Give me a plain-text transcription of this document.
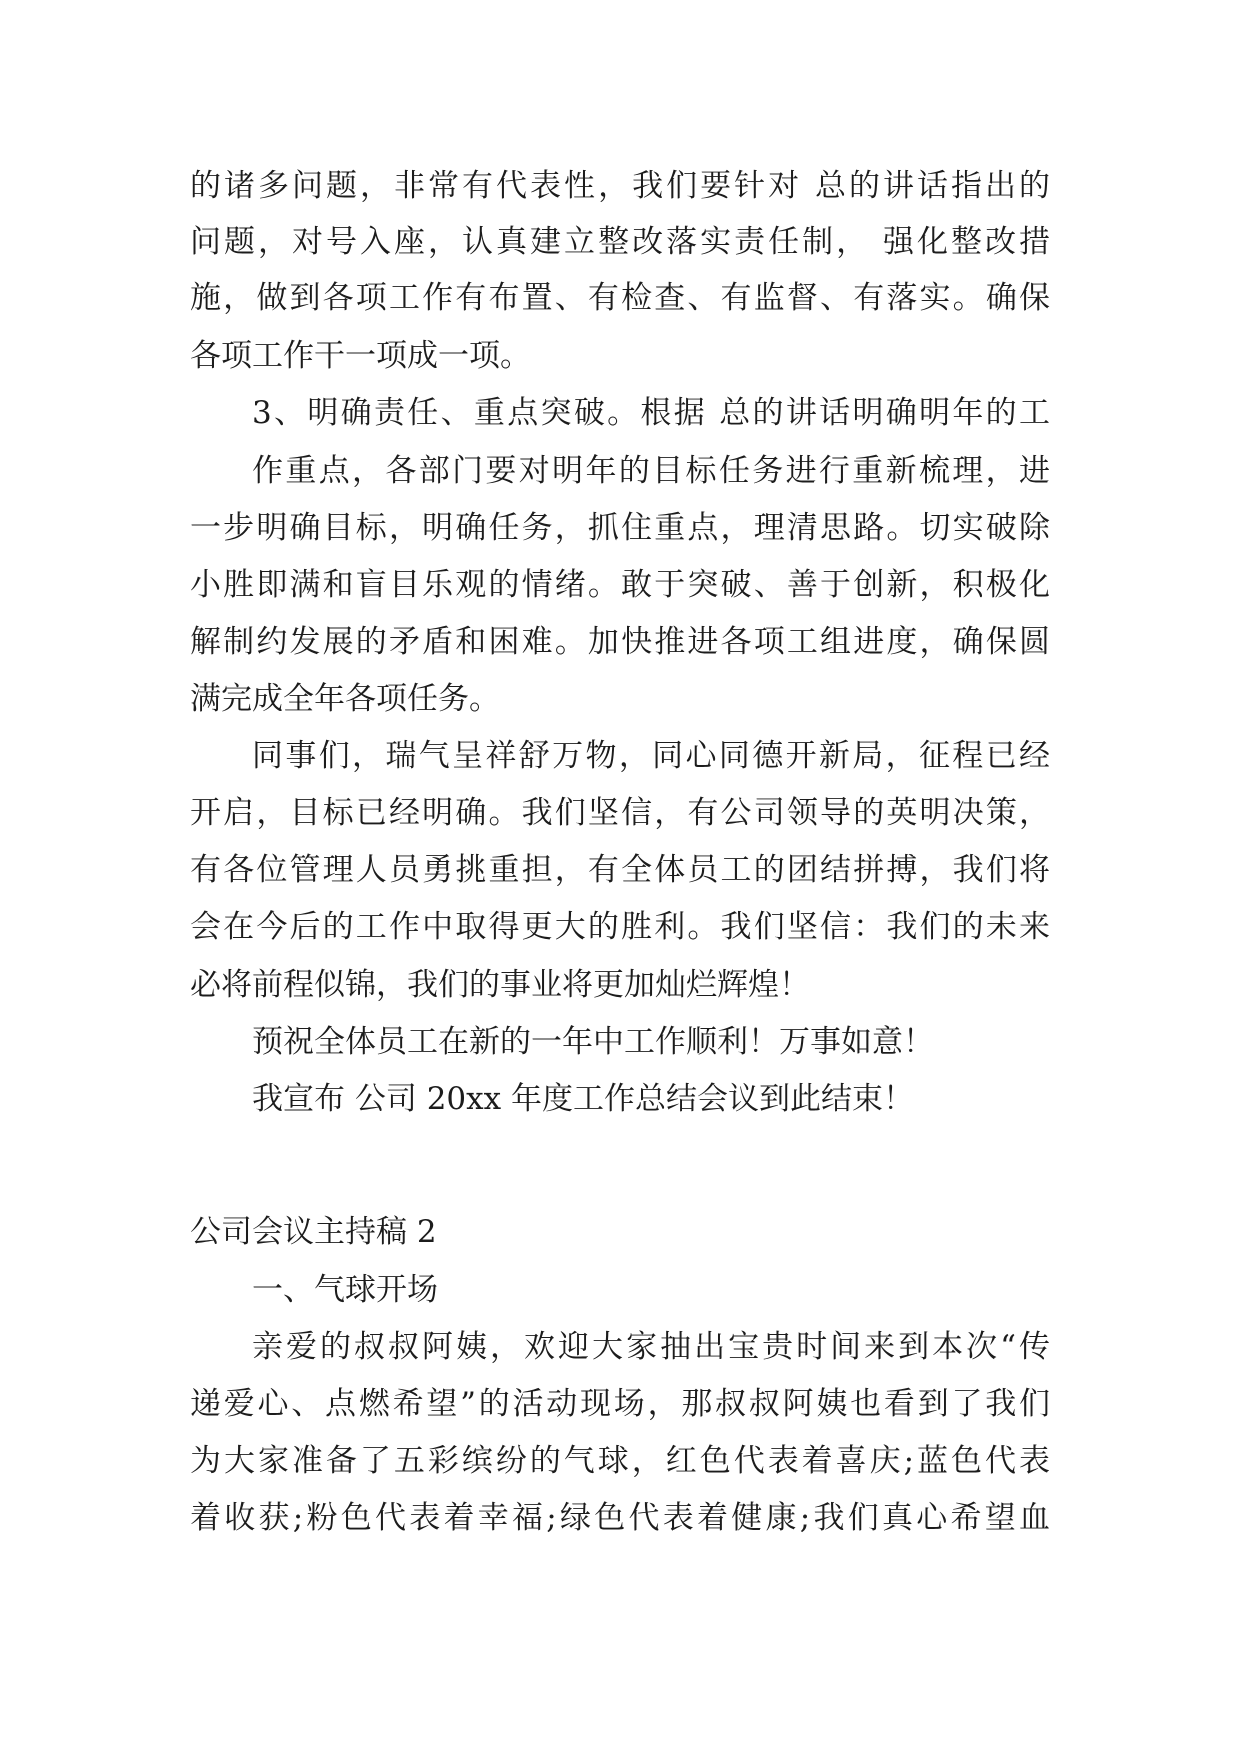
的诸多问题，非常有代表性，我们要针对 总的讲话指出的
问题，对号入座，认真建立整改落实责任制， 强化整改措
施，做到各项工作有布置、有检查、有监督、有落实。确保
各项工作干一项成一项。
3、明确责任、重点突破。根据 总的讲话明确明年的工
作重点，各部门要对明年的目标任务进行重新梳理，进
一步明确目标，明确任务，抓住重点，理清思路。切实破除
小胜即满和盲目乐观的情绪。敢于突破、善于创新，积极化
解制约发展的矛盾和困难。加快推进各项工组进度，确保圆
满完成全年各项任务。
同事们，瑞气呈祥舒万物，同心同德开新局，征程已经
开启，目标已经明确。我们坚信，有公司领导的英明决策，
有各位管理人员勇挑重担，有全体员工的团结拼搏，我们将
会在今后的工作中取得更大的胜利。我们坚信：我们的未来
必将前程似锦，我们的事业将更加灿烂辉煌！
预祝全体员工在新的一年中工作顺利！万事如意！
我宣布 公司 20xx 年度工作总结会议到此结束！
公司会议主持稿 2
一、气球开场
亲爱的叔叔阿姨，欢迎大家抽出宝贵时间来到本次“传
递爱心、点燃希望”的活动现场，那叔叔阿姨也看到了我们
为大家准备了五彩缤纷的气球，红色代表着喜庆;蓝色代表
着收获;粉色代表着幸福;绿色代表着健康;我们真心希望血
